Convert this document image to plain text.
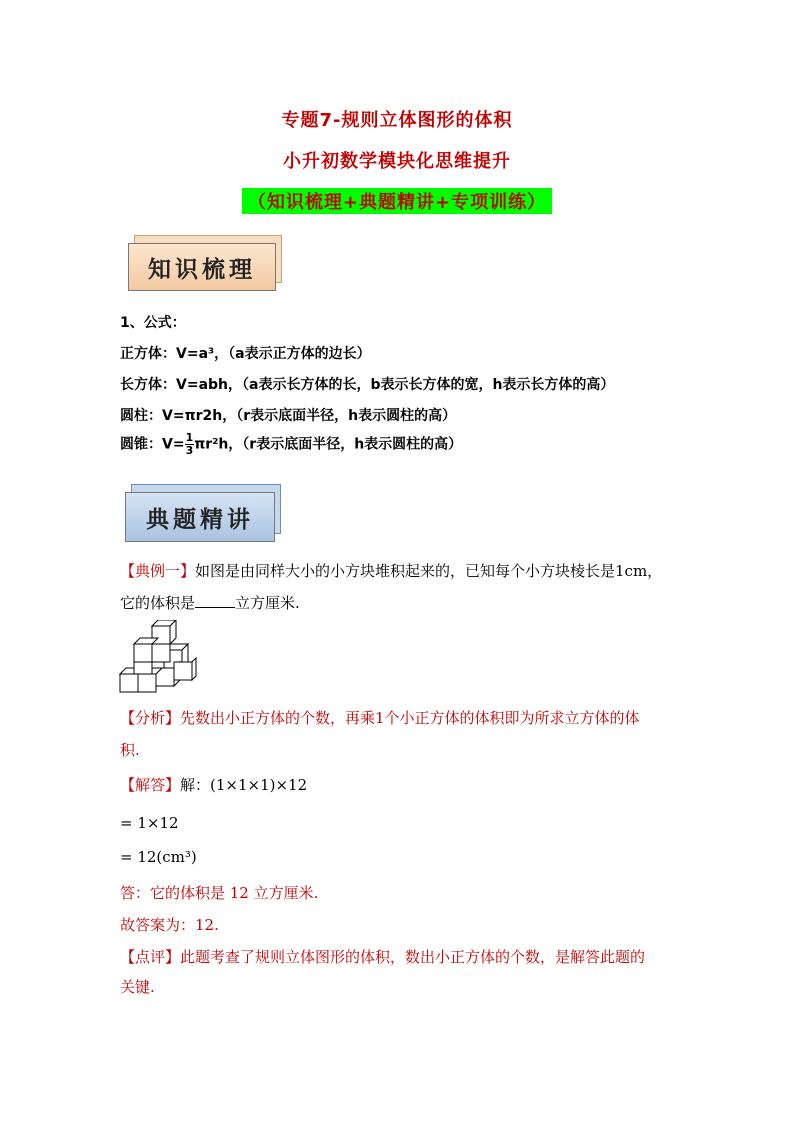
专题7-规则立体图形的体积
小升初数学模块化思维提升
（知识梳理+典题精讲+专项训练）
知识梳理
1、公式：
正方体：V=a³，（a表示正方体的边长）
长方体：V=abh，（a表示长方体的长，b表示长方体的宽，h表示长方体的高）
圆柱：V=πr2h，（r表示底面半径，h表示圆柱的高）
圆锥：$V= \frac{1}{3} \pi r^2h$，（r表示底面半径，h表示圆柱的高）
典题精讲
【典例一】如图是由同样大小的小方块堆积起来的，已知每个小方块棱长是1cm，
它的体积是	立方厘米.
【分析】先数出小正方体的个数，再乘1个小正方体的体积即为所求立方体的体
积.
【解答】解：(1×1×1)×12
= 1×12
= 12(cm³)
答：它的体积是 12 立方厘米.
故答案为：12.
【点评】此题考查了规则立体图形的体积，数出小正方体的个数，是解答此题的
关键.
